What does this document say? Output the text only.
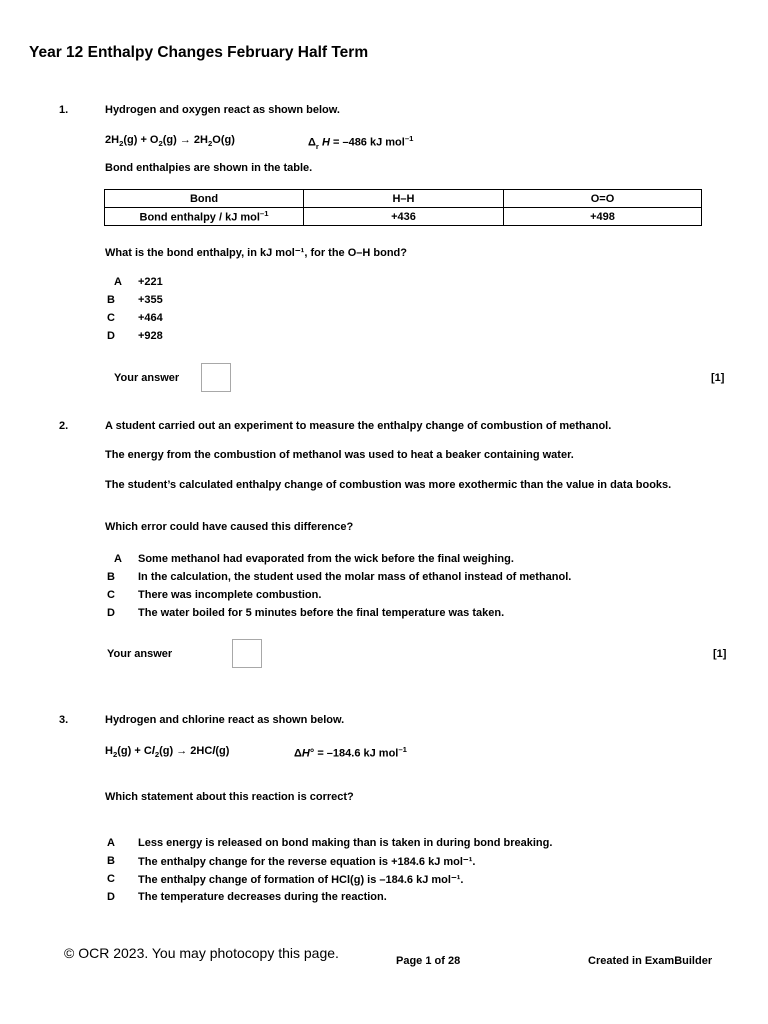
Year 12 Enthalpy Changes February Half Term
1.	Hydrogen and oxygen react as shown below.
$2H_2(g) + O_2(g) \to 2H_2O(g)$	$\Delta_r$ H = –486 kJ mol$^{-1}$
Bond enthalpies are shown in the table.
Bond	H–H	O=O
Bond enthalpy / kJ mol$^{-1}$	+436	+498
What is the bond enthalpy, in kJ mol⁻¹, for the O–H bond?
A +221
B +355
C +464
D +928
Your answer	[1]
2.	A student carried out an experiment to measure the enthalpy change of combustion of methanol.
The energy from the combustion of methanol was used to heat a beaker containing water.
The student’s calculated enthalpy change of combustion was more exothermic than the value in data books.
Which error could have caused this difference?
A Some methanol had evaporated from the wick before the final weighing.
B In the calculation, the student used the molar mass of ethanol instead of methanol.
C There was incomplete combustion.
D The water boiled for 5 minutes before the final temperature was taken.
Your answer	[1]
3.	Hydrogen and chlorine react as shown below.
$H_2(g) + Cl_2(g) \to 2HCl(g)$	ΔH° = –184.6 kJ mol$^{-1}$
Which statement about this reaction is correct?
A Less energy is released on bond making than is taken in during bond breaking.
B The enthalpy change for the reverse equation is +184.6 kJ mol⁻¹.
C The enthalpy change of formation of HCl(g) is –184.6 kJ mol⁻¹.
D The temperature decreases during the reaction.
© OCR 2023. You may photocopy this page.	Page 1 of 28	Created in ExamBuilder
